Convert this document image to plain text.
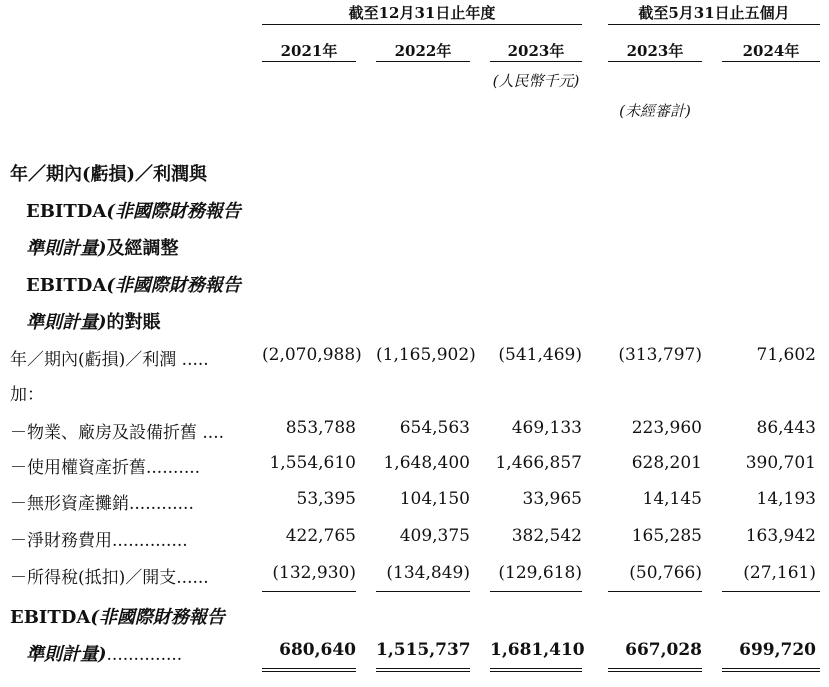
截至12月31日止年度	截至5月31日止五個月
2021年	2022年	2023年	2023年	2024年
(人民幣千元)
(未經審計)
年／期內(虧損)／利潤與
EBITDA(非國際財務報告
準則計量)及經調整
EBITDA(非國際財務報告
準則計量)的對賬
年／期內(虧損)／利潤 .....	(2,070,988) (1,165,902)	(541,469)	(313,797)	71,602
加：
－物業、廠房及設備折舊 ....	853,788	654,563	469,133	223,960	86,443
－使用權資產折舊..........	1,554,610	1,648,400	1,466,857	628,201	390,701
－無形資產攤銷............	53,395	104,150	33,965	14,145	14,193
－淨財務費用..............	422,765	409,375	382,542	165,285	163,942
－所得稅(抵扣)／開支......	(132,930)	(134,849)	(129,618)	(50,766)	(27,161)
EBITDA(非國際財務報告
準則計量)..............	680,640 1,515,737 1,681,410	667,028	699,720
